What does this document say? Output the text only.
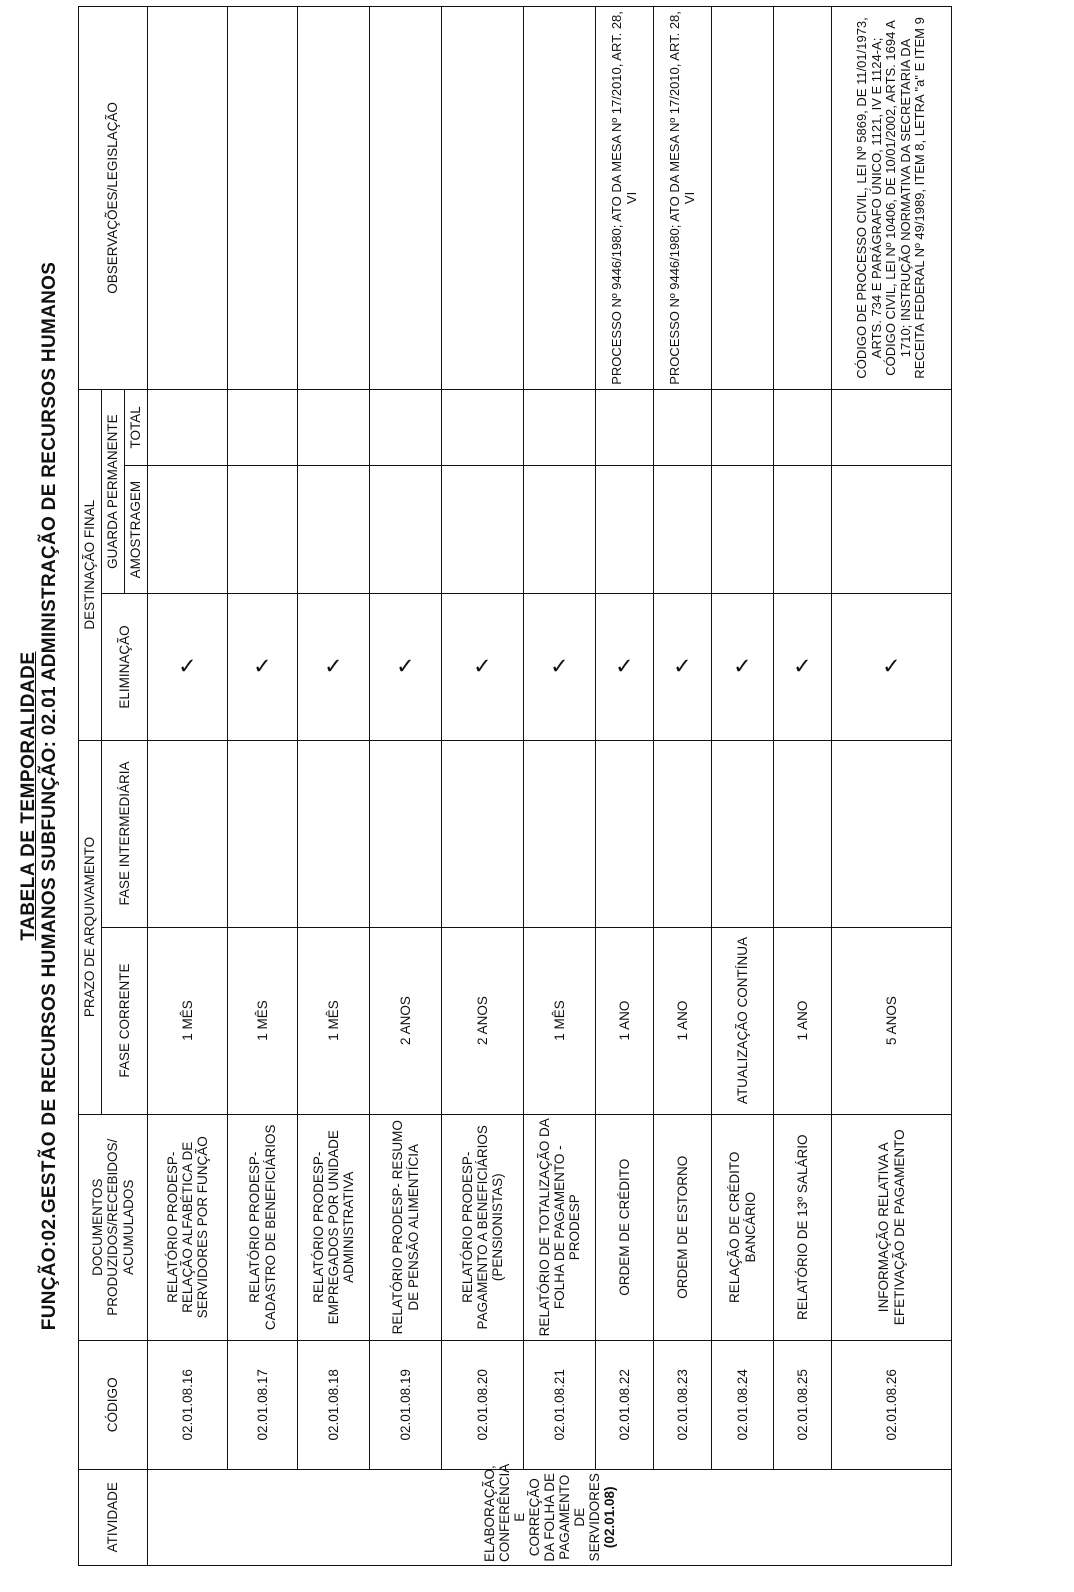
TABELA DE TEMPORALIDADE FUNÇÃO:02.GESTÃO DE RECURSOS HUMANOS SUBFUNÇÃO: 02.01 ADMINISTRAÇÃO DE RECURSOS HUMANOS
ATIVIDADE	CÓDIGO	DOCUMENTOS PRODUZIDOS/RECEBIDOS/ ACUMULADOS	PRAZO DE ARQUIVAMENTO		DESTINAÇÃO FINAL			OBSERVAÇÕES/LEGISLAÇÃO
			FASE CORRENTE	FASE INTERMEDIÁRIA	ELIMINAÇÃO	GUARDA PERMANENTE		
						AMOSTRAGEM	TOTAL	
ELABORAÇÃO, CONFERÊNCIA E CORREÇÃO DA FOLHA DE PAGAMENTO DE SERVIDORES (02.01.08)	02.01.08.16	RELATÓRIO PRODESP- RELAÇÃO ALFABÉTICA DE SERVIDORES POR FUNÇÃO	1 MÊS		✓			
	02.01.08.17	RELATÓRIO PRODESP- CADASTRO DE BENEFICIÁRIOS	1 MÊS		✓			
	02.01.08.18	RELATÓRIO PRODESP- EMPREGADOS POR UNIDADE ADMINISTRATIVA	1 MÊS		✓			
	02.01.08.19	RELATÓRIO PRODESP- RESUMO DE PENSÃO ALIMENTÍCIA	2 ANOS		✓			
	02.01.08.20	RELATÓRIO PRODESP- PAGAMENTO A BENEFICIÁRIOS (PENSIONISTAS)	2 ANOS		✓			
	02.01.08.21	RELATÓRIO DE TOTALIZAÇÃO DA FOLHA DE PAGAMENTO - PRODESP	1 MÊS		✓			
	02.01.08.22	ORDEM DE CRÉDITO	1 ANO		✓			PROCESSO Nº 9446/1980; ATO DA MESA Nº 17/2010, ART. 28, VI
	02.01.08.23	ORDEM DE ESTORNO	1 ANO		✓			PROCESSO Nº 9446/1980; ATO DA MESA Nº 17/2010, ART. 28, VI
	02.01.08.24	RELAÇÃO DE CRÉDITO BANCÁRIO	ATUALIZAÇÃO CONTÍNUA		✓			
	02.01.08.25	RELATÓRIO DE 13º SALÁRIO	1 ANO		✓			
	02.01.08.26	INFORMAÇÃO RELATIVA A EFETIVAÇÃO DE PAGAMENTO	5 ANOS		✓			CÓDIGO DE PROCESSO CIVIL, LEI Nº 5869, DE 11/01/1973, ARTS. 734 E PARÁGRAFO ÚNICO, 1121, IV E 1124-A; CÓDIGO CIVIL, LEI Nº 10406, DE 10/01/2002, ARTS. 1694 A 1710; INSTRUÇÃO NORMATIVA DA SECRETARIA DA RECEITA FEDERAL Nº 49/1989, ITEM 8, LETRA "a" E ITEM 9
